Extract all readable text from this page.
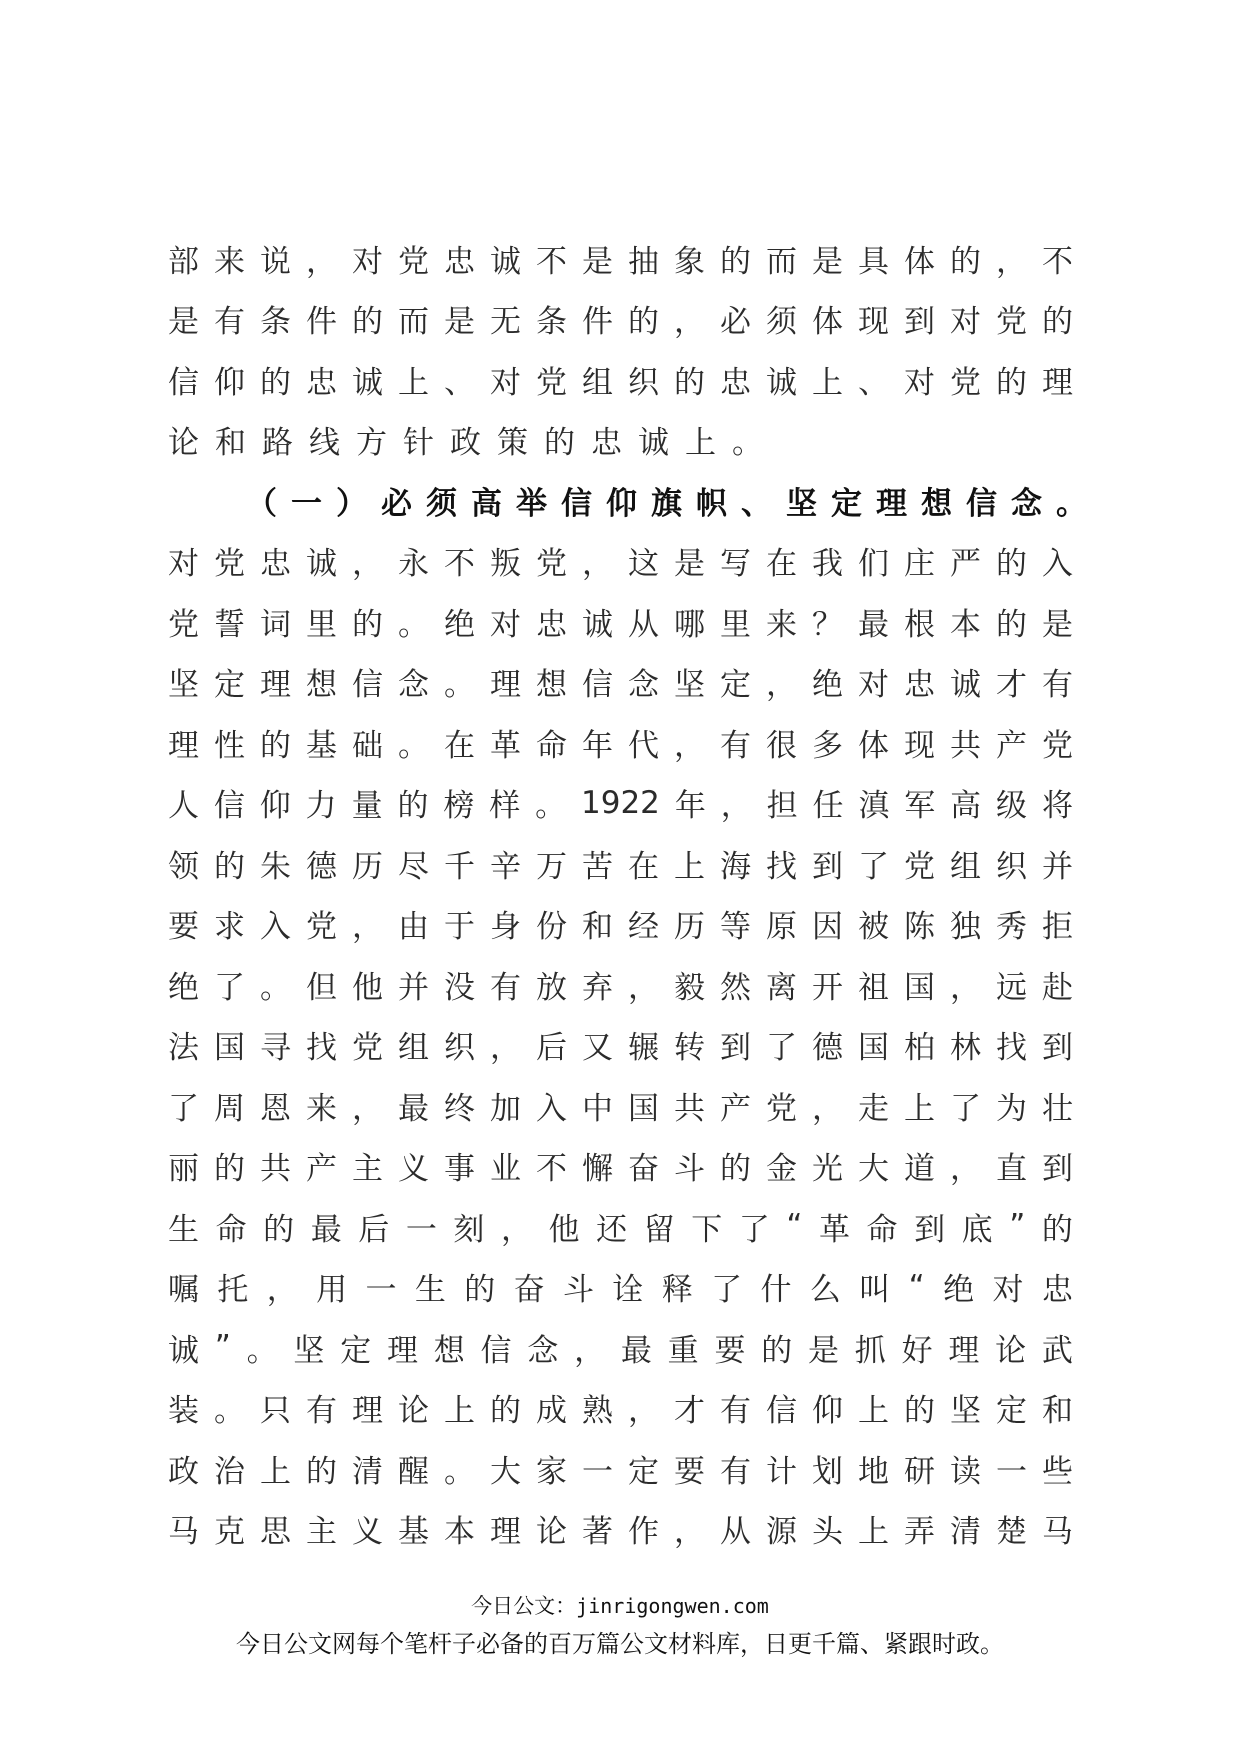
部 来 说 ， 对 党 忠 诚 不 是 抽 象 的 而 是 具 体 的 ， 不
是 有 条 件 的 而 是 无 条 件 的 ， 必 须 体 现 到 对 党 的
信 仰 的 忠 诚 上 、 对 党 组 织 的 忠 诚 上 、 对 党 的 理
论 和 路 线 方 针 政 策 的 忠 诚 上 。
（一）必须高举信仰旗帜、坚定理想信念。
对 党 忠 诚 ， 永 不 叛 党 ， 这 是 写 在 我 们 庄 严 的 入
党 誓 词 里 的 。 绝 对 忠 诚 从 哪 里 来 ？ 最 根 本 的 是
坚 定 理 想 信 念 。 理 想 信 念 坚 定 ， 绝 对 忠 诚 才 有
理 性 的 基 础 。 在 革 命 年 代 ， 有 很 多 体 现 共 产 党
人 信 仰 力 量 的 榜 样 。 1922 年 ， 担 任 滇 军 高 级 将
领 的 朱 德 历 尽 千 辛 万 苦 在 上 海 找 到 了 党 组 织 并
要 求 入 党 ， 由 于 身 份 和 经 历 等 原 因 被 陈 独 秀 拒
绝 了 。 但 他 并 没 有 放 弃 ， 毅 然 离 开 祖 国 ， 远 赴
法 国 寻 找 党 组 织 ， 后 又 辗 转 到 了 德 国 柏 林 找 到
了 周 恩 来 ， 最 终 加 入 中 国 共 产 党 ， 走 上 了 为 壮
丽 的 共 产 主 义 事 业 不 懈 奋 斗 的 金 光 大 道 ， 直 到
生 命 的 最 后 一 刻 ， 他 还 留 下 了 “ 革 命 到 底 ” 的
嘱 托 ， 用 一 生 的 奋 斗 诠 释 了 什 么 叫 “ 绝 对 忠
诚 ” 。 坚 定 理 想 信 念 ， 最 重 要 的 是 抓 好 理 论 武
装 。 只 有 理 论 上 的 成 熟 ， 才 有 信 仰 上 的 坚 定 和
政 治 上 的 清 醒 。 大 家 一 定 要 有 计 划 地 研 读 一 些
马 克 思 主 义 基 本 理 论 著 作 ， 从 源 头 上 弄 清 楚 马
今日公文：jinrigongwen.com
今日公文网每个笔杆子必备的百万篇公文材料库，日更千篇、紧跟时政。
